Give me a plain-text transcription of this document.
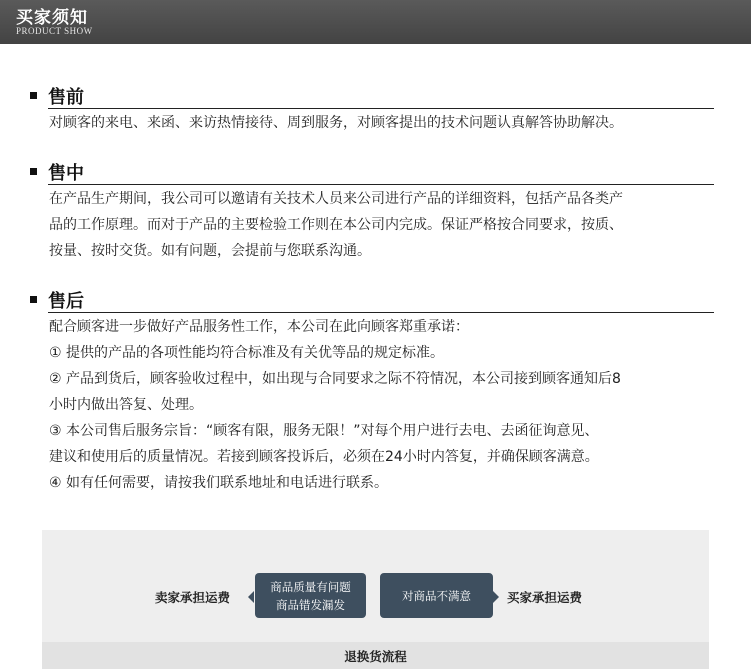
买家须知
PRODUCT SHOW
售前
对顾客的来电、来函、来访热情接待、周到服务，对顾客提出的技术问题认真解答协助解决。
售中
在产品生产期间，我公司可以邀请有关技术人员来公司进行产品的详细资料，包括产品各类产
品的工作原理。而对于产品的主要检验工作则在本公司内完成。保证严格按合同要求，按质、
按量、按时交货。如有问题，会提前与您联系沟通。
售后
配合顾客进一步做好产品服务性工作，本公司在此向顾客郑重承诺：
① 提供的产品的各项性能均符合标准及有关优等品的规定标准。
② 产品到货后，顾客验收过程中，如出现与合同要求之际不符情况，本公司接到顾客通知后8
小时内做出答复、处理。
③ 本公司售后服务宗旨：“顾客有限，服务无限！”对每个用户进行去电、去函征询意见、
建议和使用后的质量情况。若接到顾客投诉后，必须在24小时内答复，并确保顾客满意。
④ 如有任何需要，请按我们联系地址和电话进行联系。
卖家承担运费
商品质量有问题
商品错发漏发
对商品不满意	买家承担运费
退换货流程
